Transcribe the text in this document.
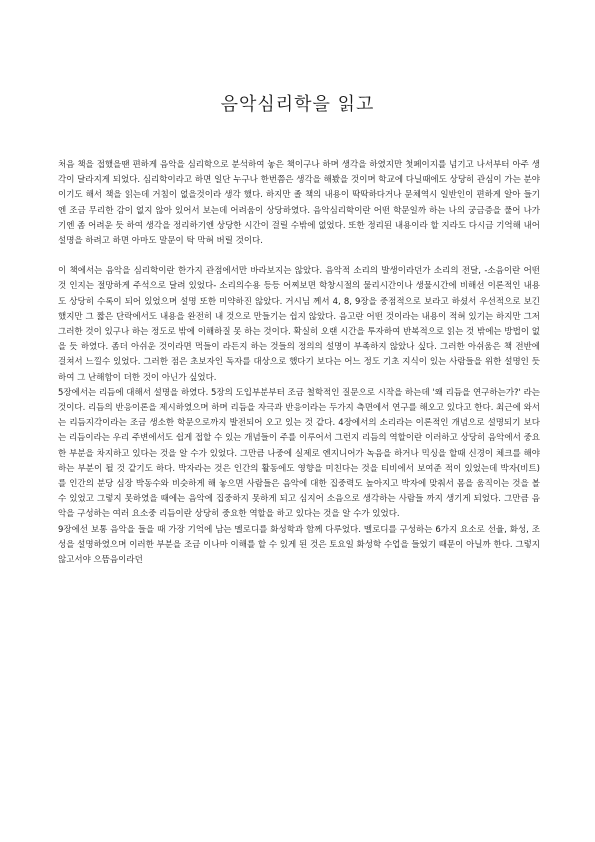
음악심리학을 읽고

처음 책을 접했을땐 편하게 음악을 심리학으로 분석하여 놓은 책이구나 하며 생각을 하였지만 첫페이지를 넘기고 나서부터 아주 생각이 달라지게 되었다. 심리학이라고 하면 일단 누구나 한번쯤은 생각을 해봤을 것이며 학교에 다닐때에도 상당히 관심이 가는 분야이기도 해서 책을 읽는데 거침이 없을것이라 생각 했다. 하지만 졸 책의 내용이 딱딱하다거나 문체역시 일반인이 편하게 알아 들기엔 조금 무리한 감이 없지 않아 있어서 보는데 어려움이 상당하였다. 음악심리학이란 어떤 학문일까 하는 나의 궁금증을 풀어 나가기엔 좀 어려운 듯 하여 생각을 정리하기엔 상당한 시간이 걸릴 수밖에 없었다. 또한 정리된 내용이라 할 지라도 다시금 기억해 내어 설명을 하려고 하면 아마도 말문이 탁 막혀 버릴 것이다.

이 책에서는 음악을 심리학이란 한가지 관점에서만 바라보지는 않았다. 음악적 소리의 발생이라던가 소리의 전달, -소음이란 어떤 것 인지는 절망하게 주석으로 달려 있었다- 소리의수용 등등 어찌보면 학창시절의 물리시간이나 생물시간에 비해선 이론적인 내용도 상당히 수록이 되어 있었으며 설명 또한 미약하진 않았다. 거시님 께서 4, 8, 9장을 중점적으로 보라고 하셨서 우선적으로 보긴 했지만 그 짧은 단락에서도 내용을 완전히 내 것으로 만들기는 쉽지 않았다. 음고란 어떤 것이라는 내용이 적혀 있기는 하지만 그저 그러한 것이 있구나 하는 정도로 밖에 이해하질 못 하는 것이다. 확실히 오랜 시간을 투자하여 반복적으로 읽는 것 밖에는 방법이 없을 듯 하였다. 좀더 아쉬운 것이라면 먹들이 라든지 하는 것들의 정의의 설명이 부족하지 않았나 싶다. 그러한 아쉬움은 책 전반에 걸쳐서 느낄수 있었다. 그러한 점은 초보자인 독자를 대상으로 했다기 보다는 어느 정도 기초 지식이 있는 사람들을 위한 설명인 듯 하여 그 난해함이 더한 것이 아닌가 싶었다.

5장에서는 리듬에 대해서 설명을 하였다. 5장의 도입부분부터 조금 철학적인 질문으로 시작을 하는데 '왜 리듬을 연구하는가?' 라는 것이다. 리듬의 반응이론을 제시하였으며 하며 리듬을 자극과 반응이라는 두가지 측면에서 연구를 해오고 있다고 한다. 최근에 와서는 리듬지각이라는 조금 생소한 학문으로까지 발전되어 오고 있는 것 같다. 4장에서의 소리라는 이론적인 개념으로 설명되기 보다는 리듬이라는 우리 주변에서도 쉽게 접할 수 있는 개념들이 주를 이루어서 그런지 리듬의 역할이란 이러하고 상당히 음악에서 중요한 부분을 차지하고 있다는 것을 알 수가 있었다. 그만큼 나중에 실제로 엔지니어가 녹음을 하거나 믹싱을 할때 신경이 체크를 해야 하는 부분이 될 것 같기도 하다. 박자라는 것은 인간의 활동에도 영향을 미친다는 것을 티비에서 보여준 적이 있었는데 박자(비트)를 인간의 분당 심장 박동수와 비슷하게 해 놓으면 사람들은 음악에 대한 집중력도 높아지고 박자에 맞춰서 몸을 움직이는 것을 볼 수 있었고 그렇지 못하였을 때에는 음악에 집중하지 못하게 되고 심지어 소음으로 생각하는 사람들 까지 생기게 되었다. 그만큼 음악을 구성하는 여러 요소중 리듬이란 상당히 중요한 역할을 하고 있다는 것을 알 수가 있었다.

9장에선 보통 음악을 들을 때 가장 기억에 남는 멜로디를 화성학과 함께 다루었다. 멜로디를 구성하는 6가지 요소로 선율, 화성, 조성을 설명하였으며 이러한 부분을 조금 이나마 이해를 할 수 있게 된 것은 토요일 화성학 수업을 들었기 때문이 아닐까 한다. 그렇지 않고서야 으뜸음이라던
